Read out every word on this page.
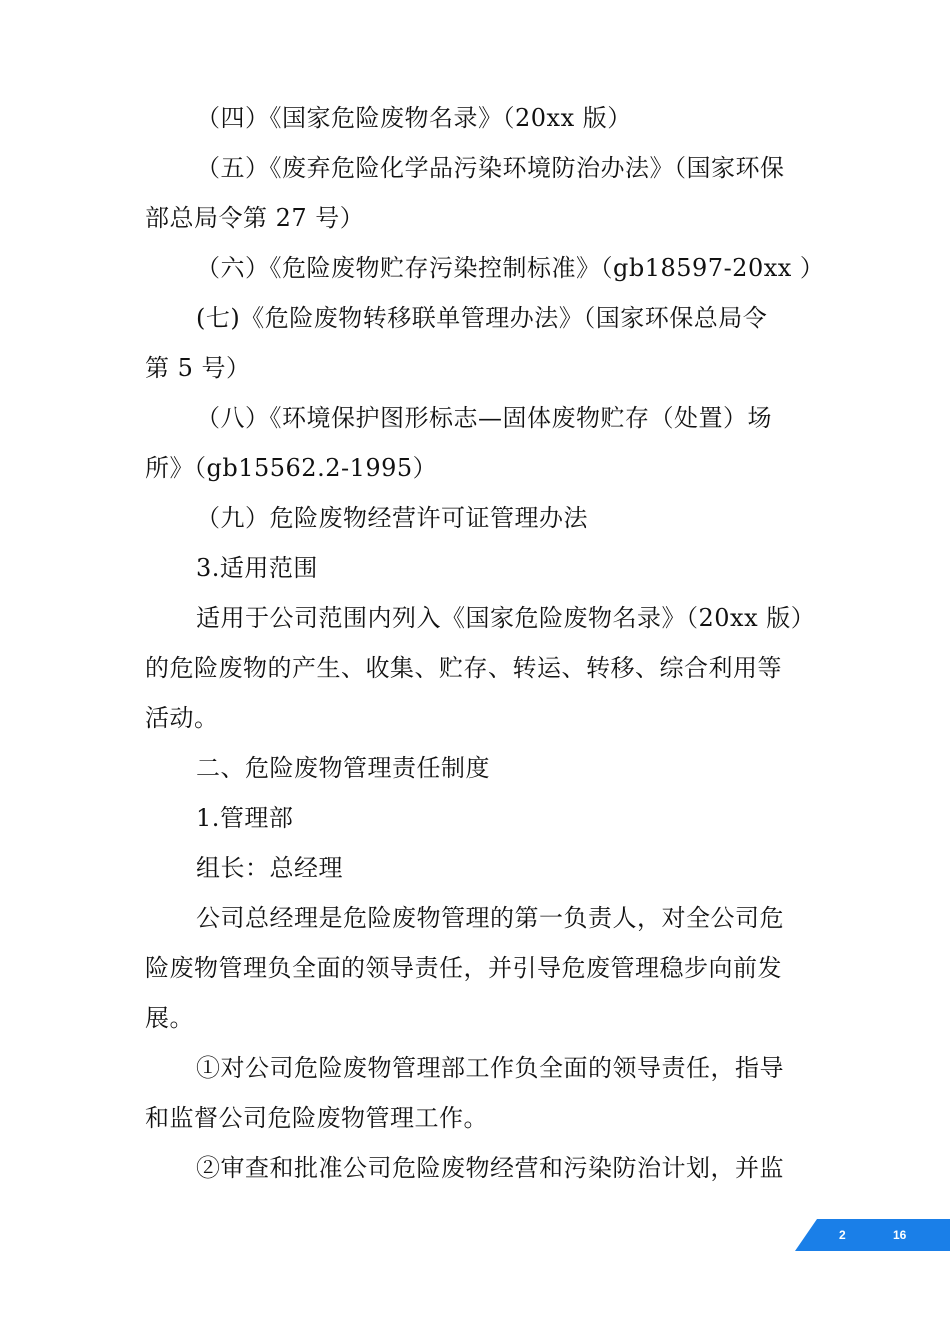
（四）《国家危险废物名录》（20xx 版）
（五）《废弃危险化学品污染环境防治办法》（国家环保
部总局令第 27 号）
（六）《危险废物贮存污染控制标准》（gb18597-20xx ）
(七)《危险废物转移联单管理办法》（国家环保总局令
第 5 号）
（八）《环境保护图形标志—固体废物贮存（处置）场
所》（gb15562.2-1995）
（九）危险废物经营许可证管理办法
3.适用范围
适用于公司范围内列入《国家危险废物名录》（20xx 版）
的危险废物的产生、收集、贮存、转运、转移、综合利用等
活动。
二、危险废物管理责任制度
1.管理部
组长：总经理
公司总经理是危险废物管理的第一负责人，对全公司危
险废物管理负全面的领导责任，并引导危废管理稳步向前发
展。
①对公司危险废物管理部工作负全面的领导责任，指导
和监督公司危险废物管理工作。
②审查和批准公司危险废物经营和污染防治计划，并监
2	16
